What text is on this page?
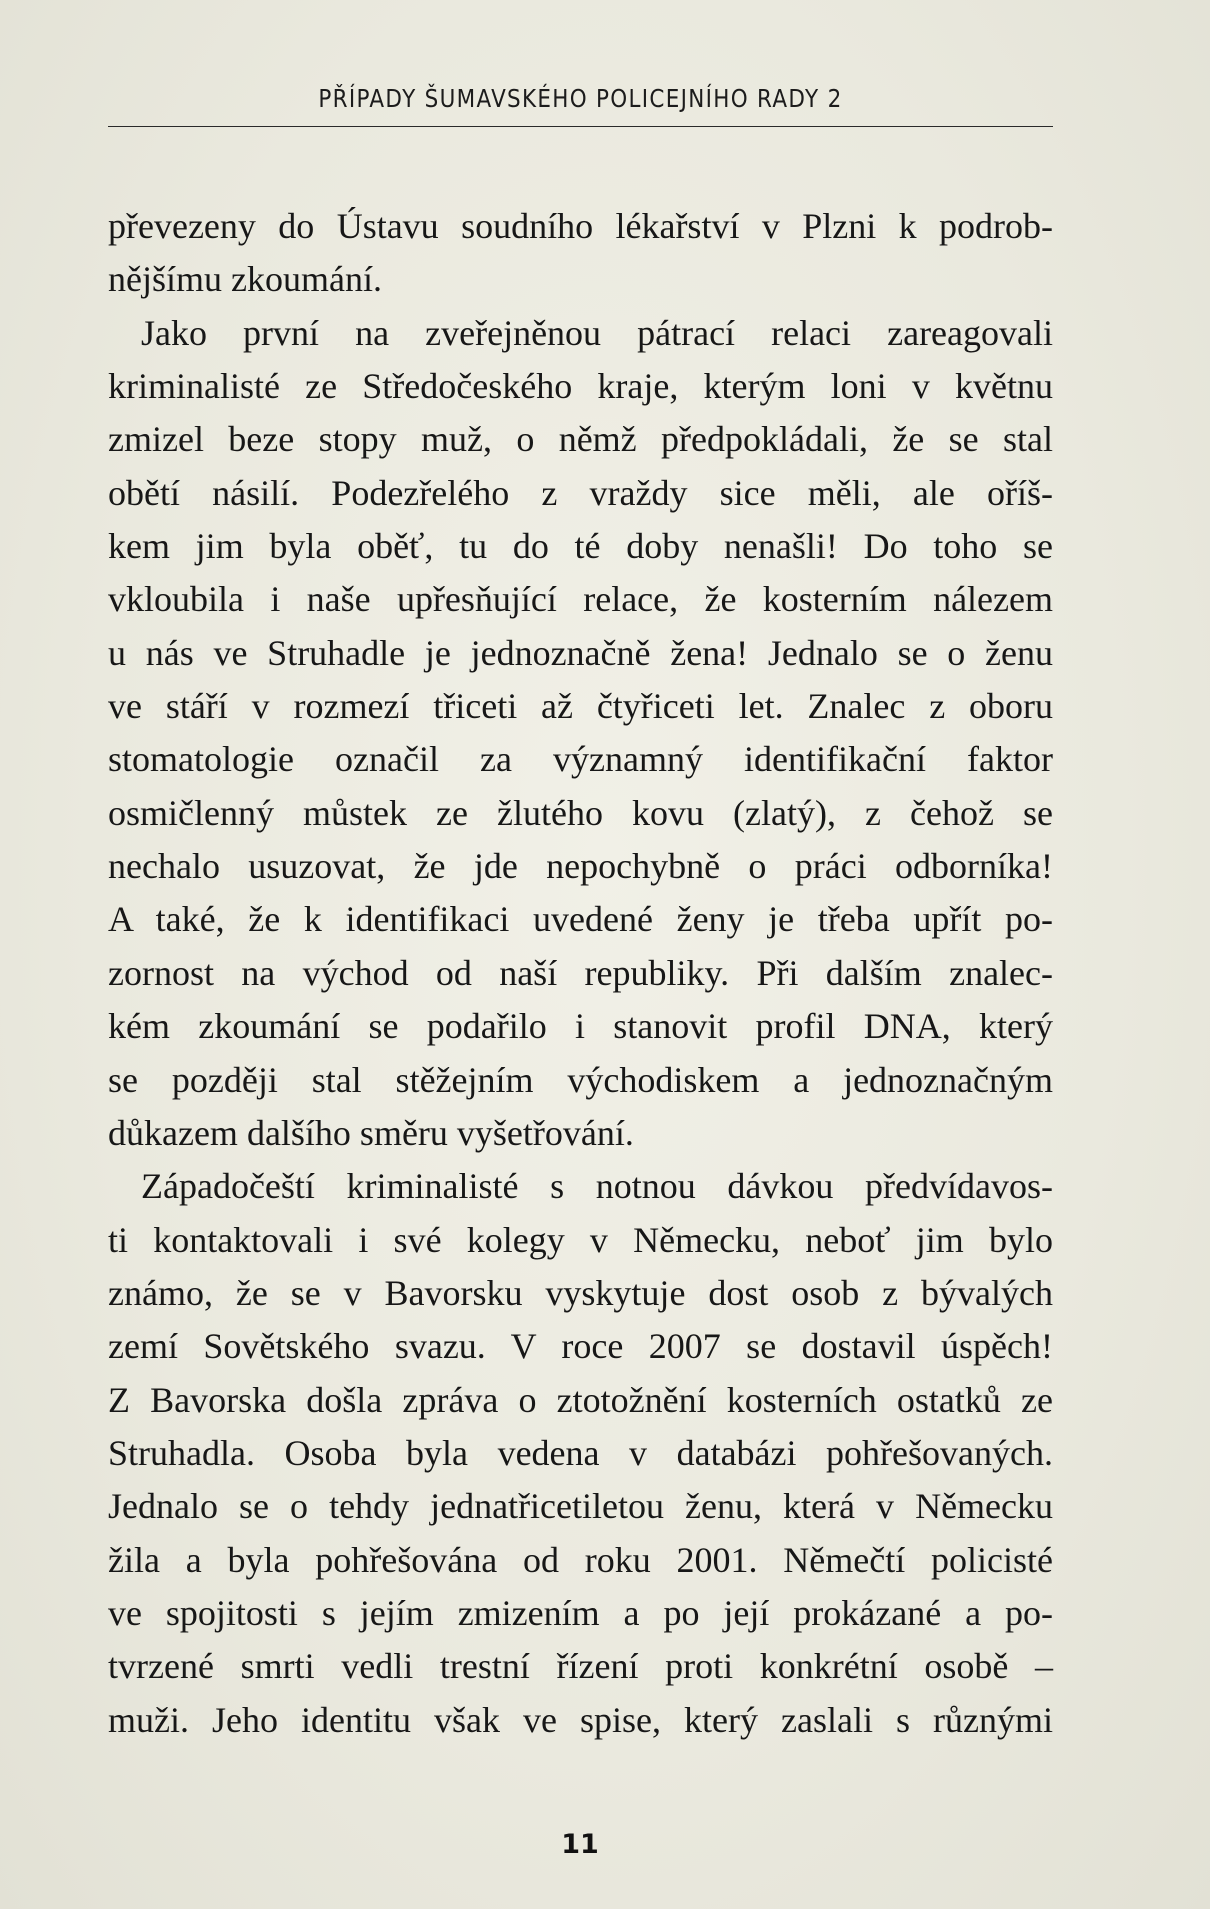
PŘÍPADY ŠUMAVSKÉHO POLICEJNÍHO RADY 2
převezeny do Ústavu soudního lékařství v Plzni k podrob-
nějšímu zkoumání.
Jako první na zveřejněnou pátrací relaci zareagovali
kriminalisté ze Středočeského kraje, kterým loni v květnu
zmizel beze stopy muž, o němž předpokládali, že se stal
obětí násilí. Podezřelého z vraždy sice měli, ale oříš-
kem jim byla oběť, tu do té doby nenašli! Do toho se
vkloubila i naše upřesňující relace, že kosterním nálezem
u nás ve Struhadle je jednoznačně žena! Jednalo se o ženu
ve stáří v rozmezí třiceti až čtyřiceti let. Znalec z oboru
stomatologie označil za významný identifikační faktor
osmičlenný můstek ze žlutého kovu (zlatý), z čehož se
nechalo usuzovat, že jde nepochybně o práci odborníka!
A také, že k identifikaci uvedené ženy je třeba upřít po-
zornost na východ od naší republiky. Při dalším znalec-
kém zkoumání se podařilo i stanovit profil DNA, který
se později stal stěžejním východiskem a jednoznačným
důkazem dalšího směru vyšetřování.
Západočeští kriminalisté s notnou dávkou předvídavos-
ti kontaktovali i své kolegy v Německu, neboť jim bylo
známo, že se v Bavorsku vyskytuje dost osob z bývalých
zemí Sovětského svazu. V roce 2007 se dostavil úspěch!
Z Bavorska došla zpráva o ztotožnění kosterních ostatků ze
Struhadla. Osoba byla vedena v databázi pohřešovaných.
Jednalo se o tehdy jednatřicetiletou ženu, která v Německu
žila a byla pohřešována od roku 2001. Němečtí policisté
ve spojitosti s jejím zmizením a po její prokázané a po-
tvrzené smrti vedli trestní řízení proti konkrétní osobě –
muži. Jeho identitu však ve spise, který zaslali s různými
11
